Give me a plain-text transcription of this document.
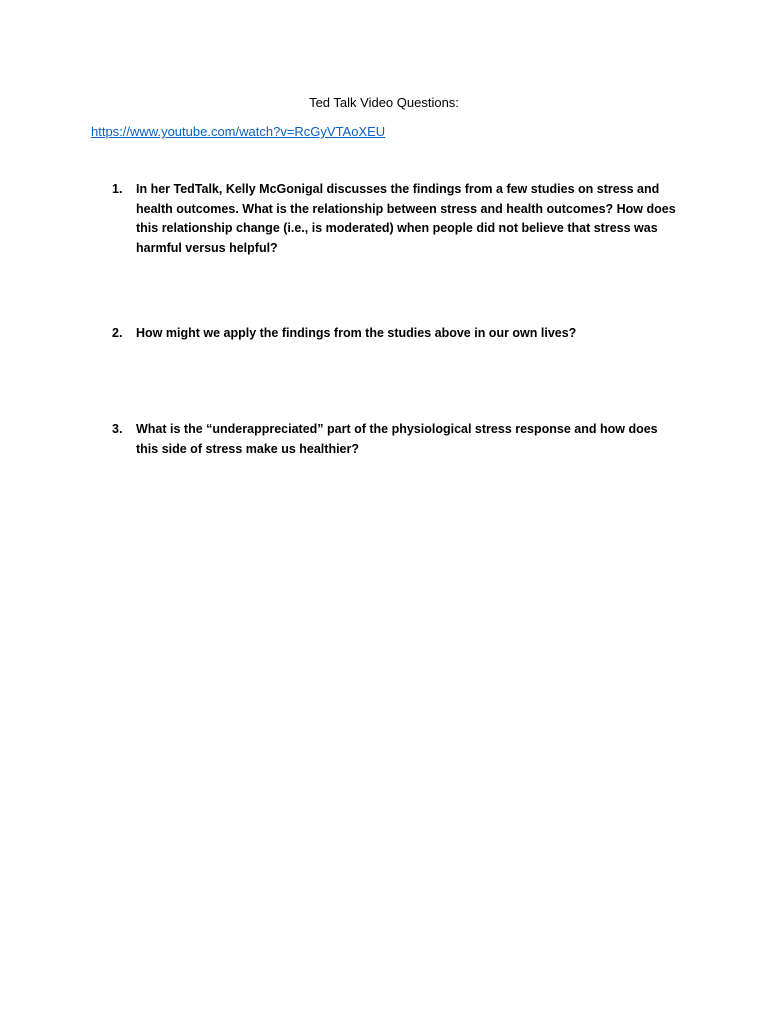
Ted Talk Video Questions:
https://www.youtube.com/watch?v=RcGyVTAoXEU
1.	In her TedTalk, Kelly McGonigal discusses the findings from a few studies on stress and health outcomes. What is the relationship between stress and health outcomes? How does this relationship change (i.e., is moderated) when people did not believe that stress was harmful versus helpful?
2.	How might we apply the findings from the studies above in our own lives?
3.	What is the “underappreciated” part of the physiological stress response and how does this side of stress make us healthier?
